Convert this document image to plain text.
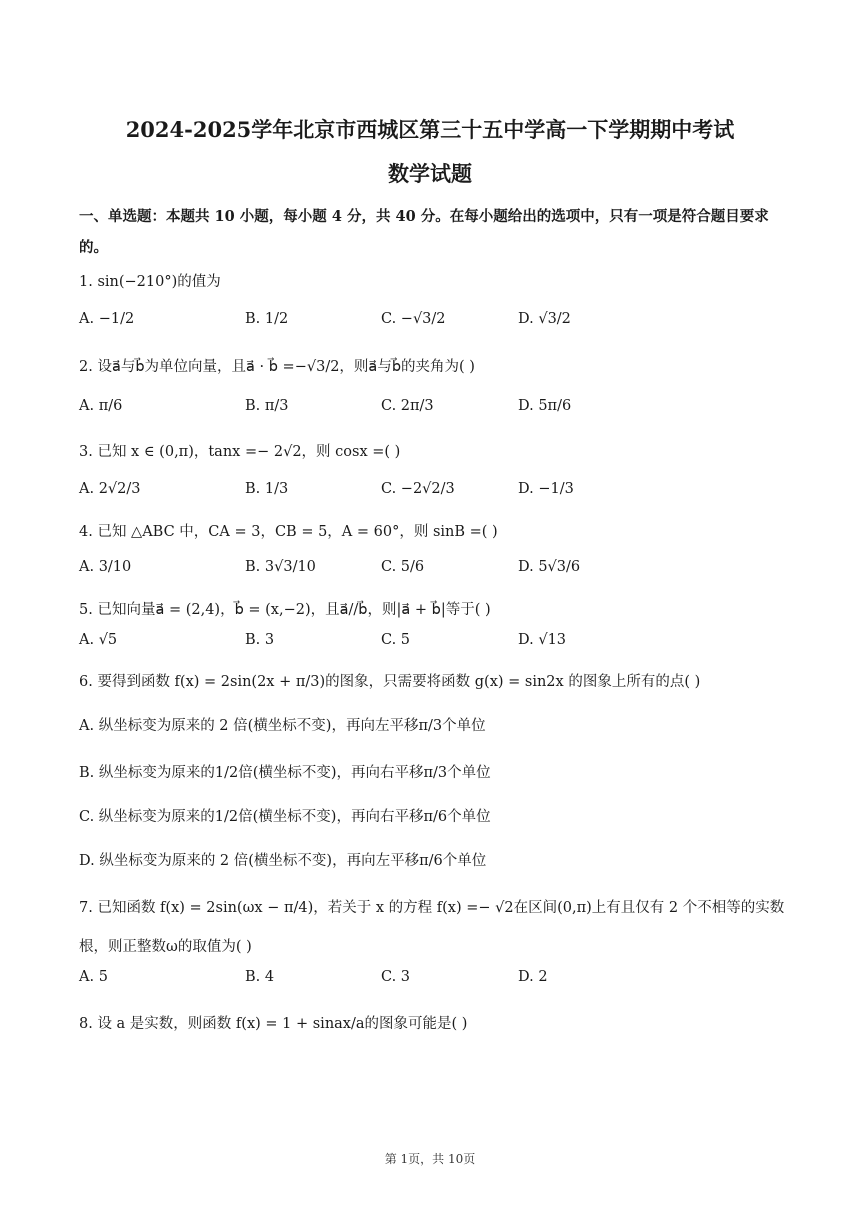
2024-2025学年北京市西城区第三十五中学高一下学期期中考试
数学试题
一、单选题：本题共 10 小题，每小题 4 分，共 40 分。在每小题给出的选项中，只有一项是符合题目要求
的。
1. sin(−210°)的值为
A. −1/2	B. 1/2	C. −√3/2	D. √3/2
2. 设a⃗与b⃗为单位向量，且a⃗ · b⃗ =−√3/2，则a⃗与b⃗的夹角为( )
A. π/6	B. π/3	C. 2π/3	D. 5π/6
3. 已知 x ∈ (0,π)，tanx =− 2√2，则 cosx =( )
A. 2√2/3	B. 1/3	C. −2√2/3	D. −1/3
4. 已知 △ABC 中，CA = 3，CB = 5，A = 60°，则 sinB =( )
A. 3/10	B. 3√3/10	C. 5/6	D. 5√3/6
5. 已知向量a⃗ = (2,4)，b⃗ = (x,−2)，且a⃗//b⃗，则|a⃗ + b⃗|等于( )
A. √5	B. 3	C. 5	D. √13
6. 要得到函数 f(x) = 2sin(2x + π/3)的图象，只需要将函数 g(x) = sin2x 的图象上所有的点( )
A. 纵坐标变为原来的 2 倍(横坐标不变)，再向左平移π/3个单位
B. 纵坐标变为原来的1/2倍(横坐标不变)，再向右平移π/3个单位
C. 纵坐标变为原来的1/2倍(横坐标不变)，再向右平移π/6个单位
D. 纵坐标变为原来的 2 倍(横坐标不变)，再向左平移π/6个单位
7. 已知函数 f(x) = 2sin(ωx − π/4)，若关于 x 的方程 f(x) =− √2在区间(0,π)上有且仅有 2 个不相等的实数
根，则正整数ω的取值为( )
A. 5	B. 4	C. 3	D. 2
8. 设 a 是实数，则函数 f(x) = 1 + sinax/a的图象可能是( )
第 1页，共 10页
